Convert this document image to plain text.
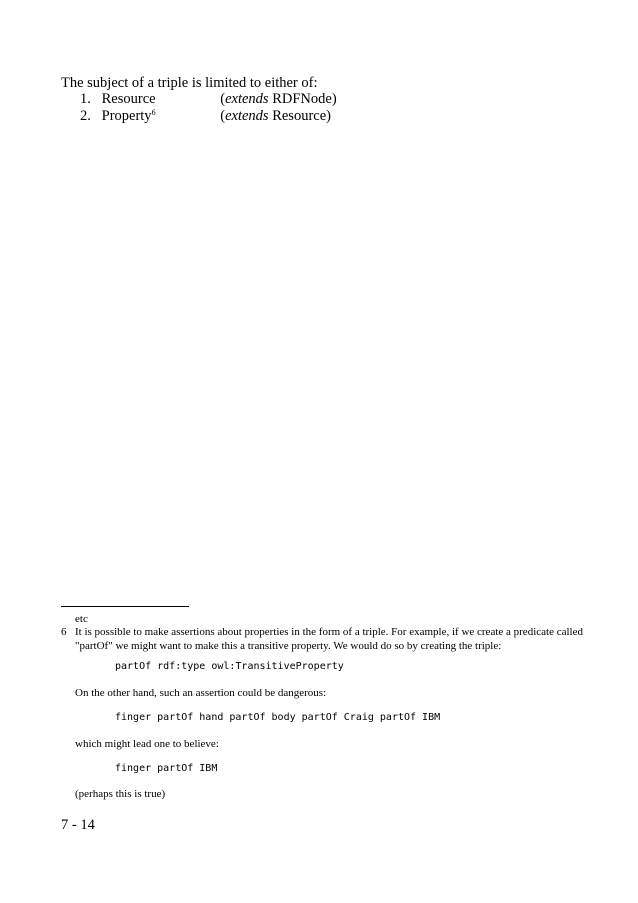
The subject of a triple is limited to either of:
1. Resource	(extends RDFNode)
2. Property$^6$	(extends Resource)
etc
6 It is possible to make assertions about properties in the form of a triple. For example, if we create a predicate called
"partOf" we might want to make this a transitive property. We would do so by creating the triple:
partOf rdf:type owl:TransitiveProperty
On the other hand, such an assertion could be dangerous:
finger partOf hand partOf body partOf Craig partOf IBM
which might lead one to believe:
finger partOf IBM
(perhaps this is true)
7 - 14
